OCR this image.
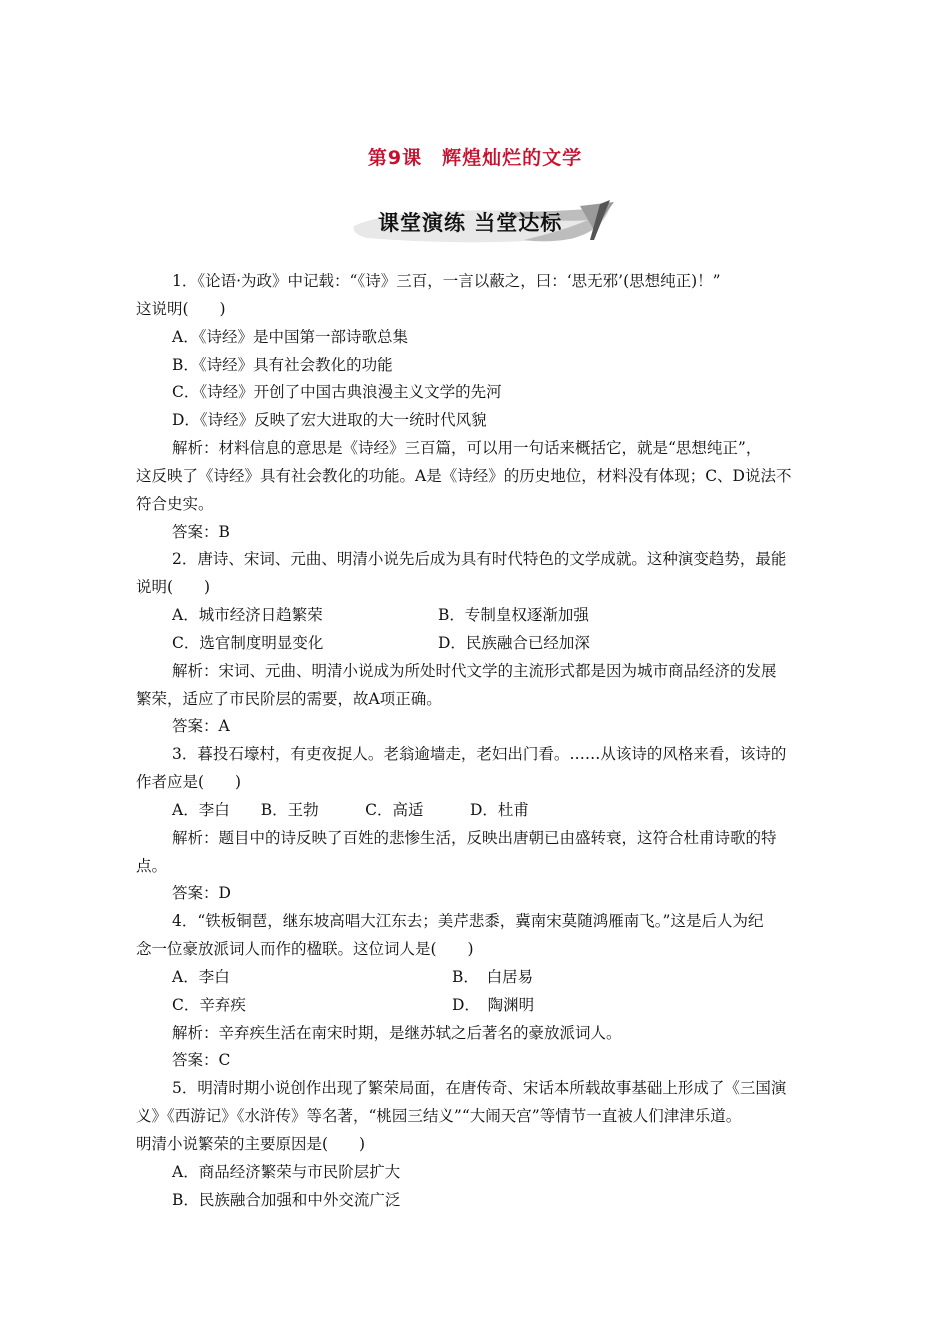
第9课　辉煌灿烂的文学
课堂演练 当堂达标
1．《论语·为政》中记载：“《诗》三百，一言以蔽之，曰：‘思无邪’(思想纯正)！”
这说明(　　)
A．《诗经》是中国第一部诗歌总集
B．《诗经》具有社会教化的功能
C．《诗经》开创了中国古典浪漫主义文学的先河
D．《诗经》反映了宏大进取的大一统时代风貌
解析：材料信息的意思是《诗经》三百篇，可以用一句话来概括它，就是“思想纯正”，
这反映了《诗经》具有社会教化的功能。A是《诗经》的历史地位，材料没有体现；C、D说法不
符合史实。
答案：B
2．唐诗、宋词、元曲、明清小说先后成为具有时代特色的文学成就。这种演变趋势，最能
说明(　　)
A．城市经济日趋繁荣
C．选官制度明显变化
解析：宋词、元曲、明清小说成为所处时代文学的主流形式都是因为城市商品经济的发展
繁荣，适应了市民阶层的需要，故A项正确。
答案：A
3．暮投石壕村，有吏夜捉人。老翁逾墙走，老妇出门看。……从该诗的风格来看，该诗的
作者应是(　　)
A．李白　　B．王勃　　　C．高适　　　D．杜甫
解析：题目中的诗反映了百姓的悲惨生活，反映出唐朝已由盛转衰，这符合杜甫诗歌的特
点。
答案：D
4．“铁板铜琶，继东坡高唱大江东去；美芹悲黍，冀南宋莫随鸿雁南飞。”这是后人为纪
念一位豪放派词人而作的楹联。这位词人是(　　)
A．李白
C．辛弃疾
解析：辛弃疾生活在南宋时期，是继苏轼之后著名的豪放派词人。
答案：C
5．明清时期小说创作出现了繁荣局面，在唐传奇、宋话本所载故事基础上形成了《三国演
义》《西游记》《水浒传》等名著，“桃园三结义”“大闹天宫”等情节一直被人们津津乐道。
明清小说繁荣的主要原因是(　　)
A．商品经济繁荣与市民阶层扩大
B．民族融合加强和中外交流广泛
B．专制皇权逐渐加强
D．民族融合已经加深
B．　白居易
D．　陶渊明
